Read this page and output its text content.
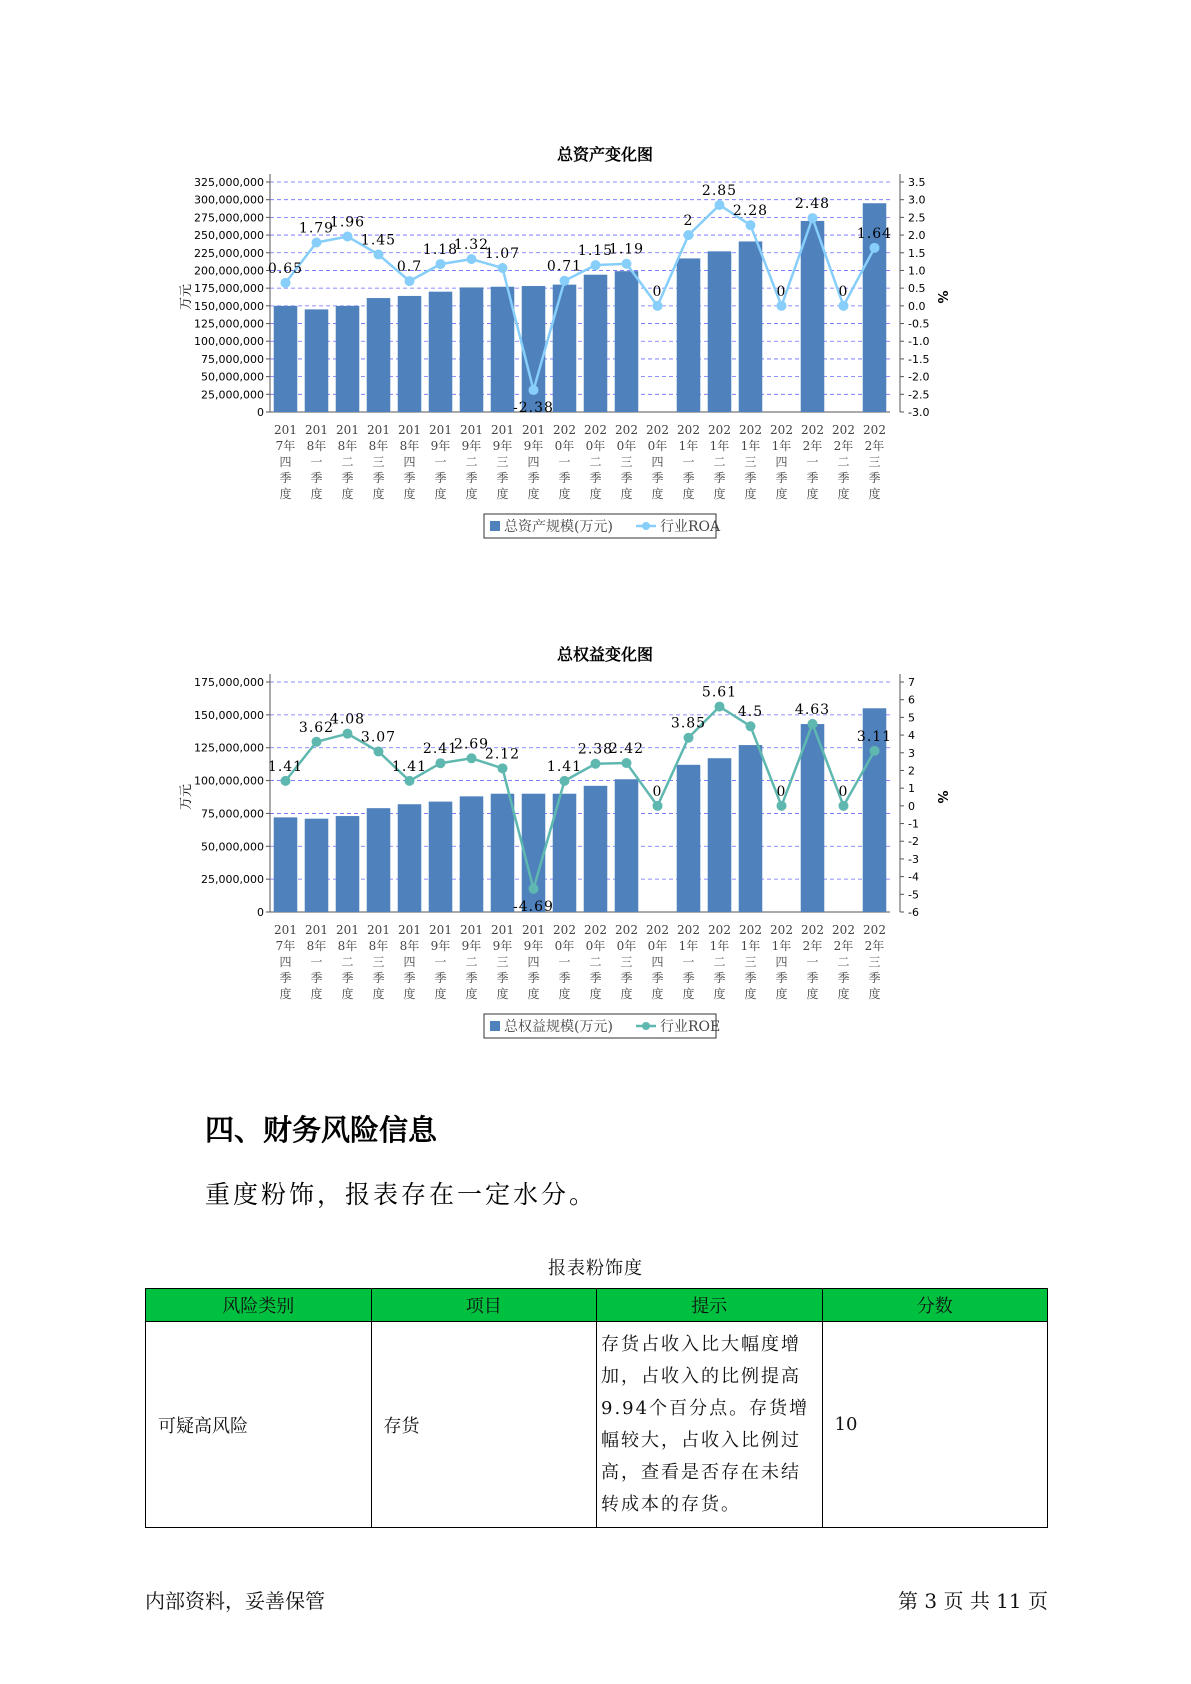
总资产变化图
0
25,000,000
50,000,000
75,000,000
100,000,000
125,000,000
150,000,000
175,000,000
200,000,000
225,000,000
250,000,000
275,000,000
300,000,000
325,000,000
-3.0
-2.5
-2.0
-1.5
-1.0
-0.5
0.0
0.5
1.0
1.5
2.0
2.5
3.0
3.5
万元	%
201
7年
四
季
度
201
8年
一
季
度
201
8年
二
季
度
201
8年
三
季
度
201
8年
四
季
度
201
9年
一
季
度
201
9年
二
季
度
201
9年
三
季
度
201
9年
四
季
度
202
0年
一
季
度
202
0年
二
季
度
202
0年
三
季
度
202
0年
四
季
度
202
1年
一
季
度
202
1年
二
季
度
202
1年
三
季
度
202
1年
四
季
度
202
2年
一
季
度
202
2年
二
季
度
202
2年
三
季
度
0.65
1.79
1.96
1.45
0.7
1.18
1.32
1.07
-2.38
0.71
1.15
1.19
0
2
2.85
2.28
0
2.48
0
1.64
总资产规模(万元)	行业ROA
总权益变化图
0
25,000,000
50,000,000
75,000,000
100,000,000
125,000,000
150,000,000
175,000,000
-6
-5
-4
-3
-2
-1
0
1
2
3
4
5
6
7
万元	%
201
7年
四
季
度
201
8年
一
季
度
201
8年
二
季
度
201
8年
三
季
度
201
8年
四
季
度
201
9年
一
季
度
201
9年
二
季
度
201
9年
三
季
度
201
9年
四
季
度
202
0年
一
季
度
202
0年
二
季
度
202
0年
三
季
度
202
0年
四
季
度
202
1年
一
季
度
202
1年
二
季
度
202
1年
三
季
度
202
1年
四
季
度
202
2年
一
季
度
202
2年
二
季
度
202
2年
三
季
度
1.41
3.62
4.08
3.07
1.41
2.41
2.69
2.12
-4.69
1.41
2.38
2.42
0
3.85
5.61
4.5
0
4.63
0
3.11
总权益规模(万元)	行业ROE
四、财务风险信息

重度粉饰，报表存在一定水分。

报表粉饰度
风险类别	项目	提示	分数
可疑高风险	存货	存货占收入比大幅度增加，占收入的比例提高9.94个百分点。存货增幅较大，占收入比例过高，查看是否存在未结转成本的存货。	10
内部资料，妥善保管	第 3 页 共 11 页
